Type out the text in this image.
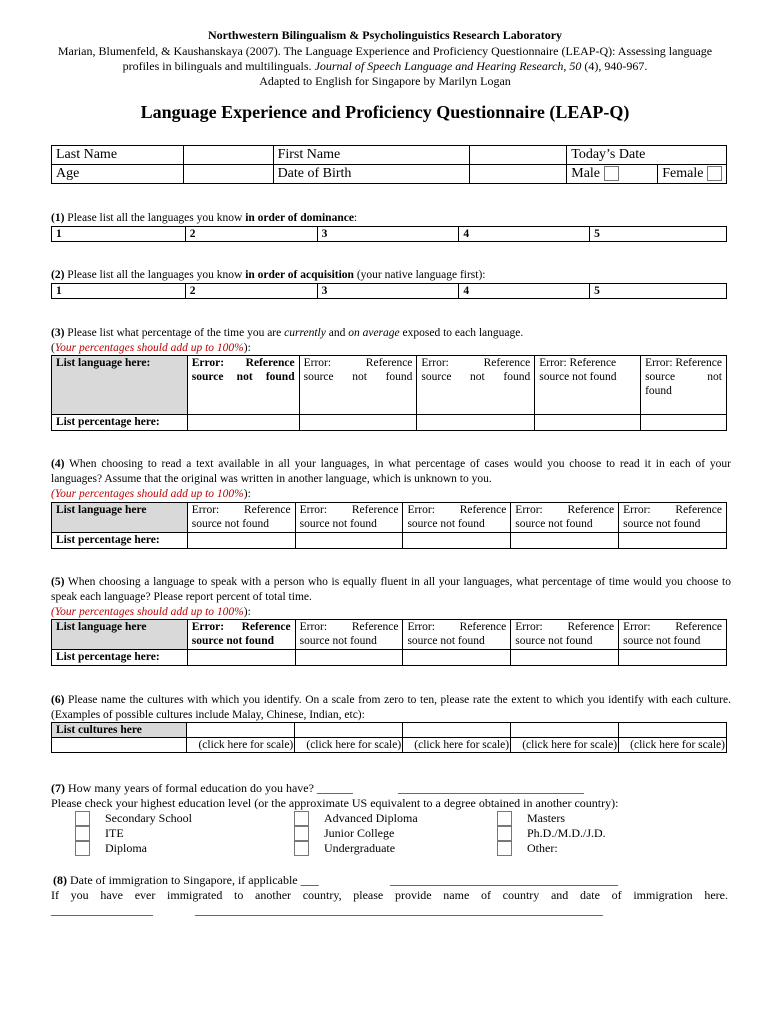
Northwestern Bilingualism & Psycholinguistics Research Laboratory
Marian, Blumenfeld, & Kaushanskaya (2007). The Language Experience and Proficiency Questionnaire (LEAP-Q): Assessing language profiles in bilinguals and multilinguals. Journal of Speech Language and Hearing Research, 50 (4), 940-967.
Adapted to English for Singapore by Marilyn Logan
Language Experience and Proficiency Questionnaire (LEAP-Q)
Last Name		First Name		Today’s Date	
Age		Date of Birth		Male	Female
(1) Please list all the languages you know in order of dominance:
1	2	3	4	5
(2) Please list all the languages you know in order of acquisition (your native language first):
1	2	3	4	5
(3) Please list what percentage of the time you are currently and on average exposed to each language.
(Your percentages should add up to 100%):
List language here:	Error: Reference source not found	Error: Reference source not found	Error: Reference source not found	Error: Reference source not found	Error: Reference source not found
List percentage here:					
(4) When choosing to read a text available in all your languages, in what percentage of cases would you choose to read it in each of your languages? Assume that the original was written in another language, which is unknown to you.
(Your percentages should add up to 100%):
List language here	Error: Reference source not found	Error: Reference source not found	Error: Reference source not found	Error: Reference source not found	Error: Reference source not found
List percentage here:					
(5) When choosing a language to speak with a person who is equally fluent in all your languages, what percentage of time would you choose to speak each language? Please report percent of total time.
(Your percentages should add up to 100%):
List language here	Error: Reference source not found	Error: Reference source not found	Error: Reference source not found	Error: Reference source not found	Error: Reference source not found
List percentage here:					
(6) Please name the cultures with which you identify. On a scale from zero to ten, please rate the extent to which you identify with each culture. (Examples of possible cultures include Malay, Chinese, Indian, etc):
List cultures here					
	(click here for scale)	(click here for scale)	(click here for scale)	(click here for scale)	(click here for scale)
(7) How many years of formal education do you have? ______	_______________________________
Please check your highest education level (or the approximate US equivalent to a degree obtained in another country):
Secondary School
ITE
Diploma
Advanced Diploma
Junior College
Undergraduate
Masters
Ph.D./M.D./J.D.
Other:
(8) Date of immigration to Singapore, if applicable ___	______________________________________
If you have ever immigrated to another country, please provide name of country and date of immigration here.
_________________	____________________________________________________________________
